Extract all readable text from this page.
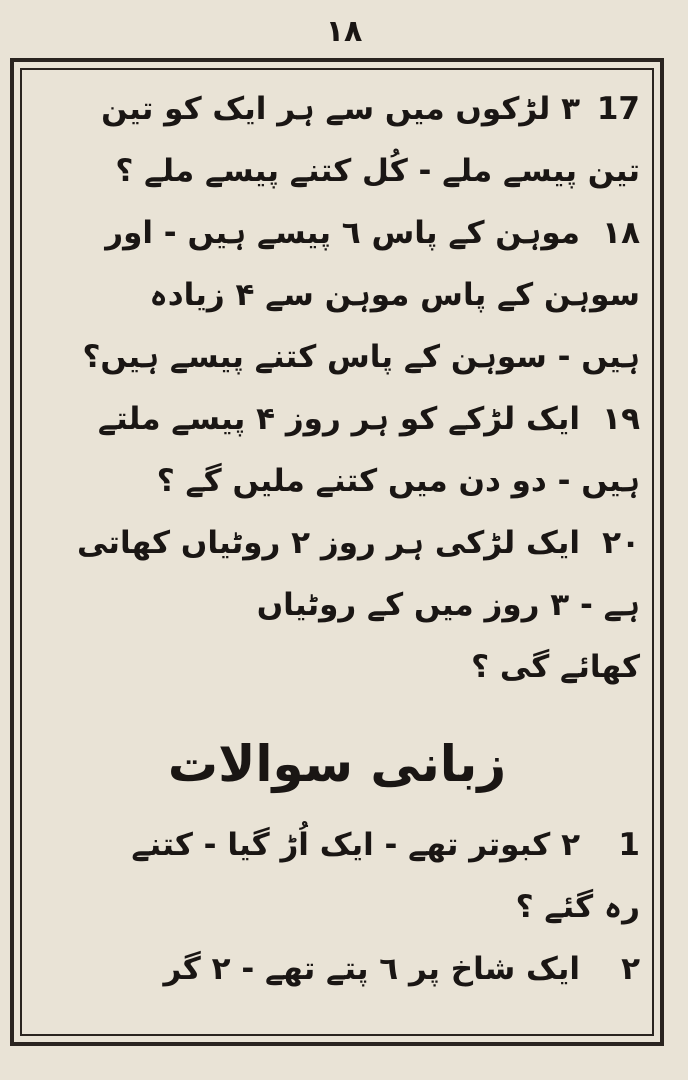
١٨
17۳ لڑکوں میں سے ہر ایک کو تین
تین پیسے ملے - کُل کتنے پیسے ملے ؟
١٨موہن کے پاس ٦ پیسے ہیں - اور
سوہن کے پاس موہن سے ۴ زیادہ
ہیں - سوہن کے پاس کتنے پیسے ہیں؟
١٩ایک لڑکے کو ہر روز ۴ پیسے ملتے
ہیں - دو دن میں کتنے ملیں گے ؟
٢٠ایک لڑکی ہر روز ٢ روٹیاں کھاتی
ہے - ۳ روز میں کے روٹیاں
کھائے گی ؟
زبانی سوالات
1٢ کبوتر تھے - ایک اُڑ گیا - کتنے
رہ گئے ؟
٢ایک شاخ پر ٦ پتے تھے - ٢ گر
